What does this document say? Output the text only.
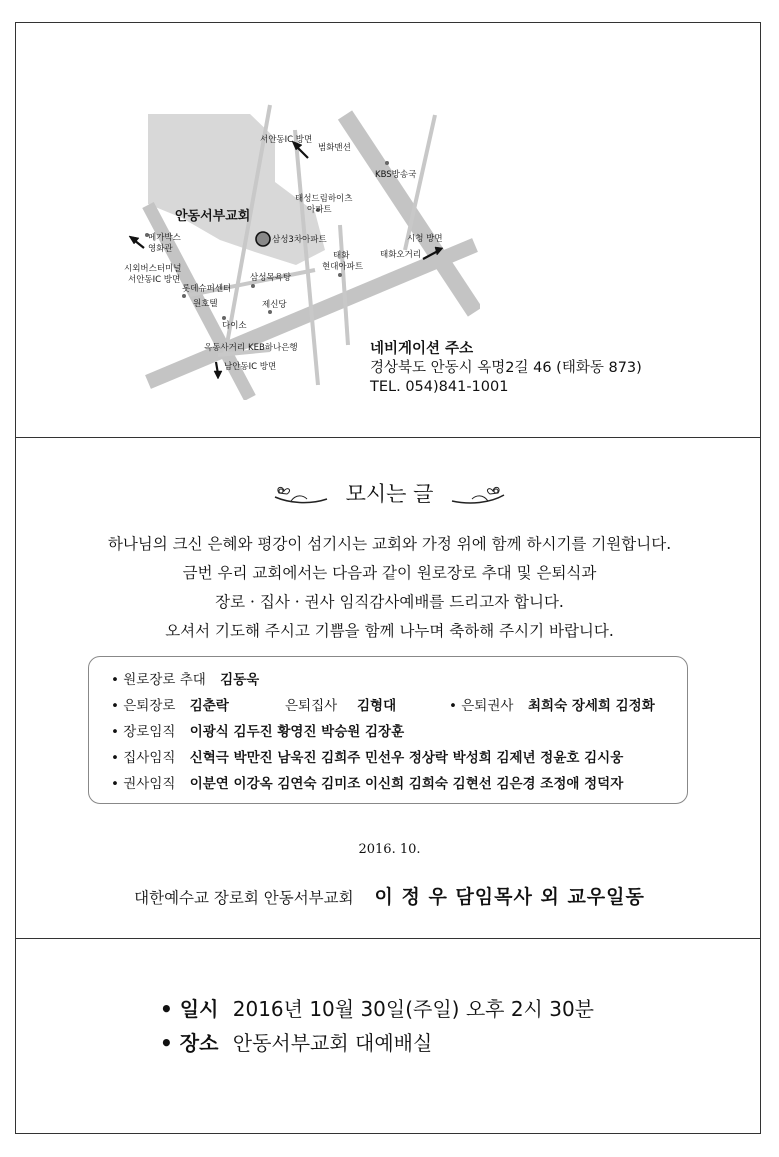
안동서부교회
서안동IC 방면
범화맨션
KBS방송국
태성드림하이츠
아파트
메가박스
영화관
삼성3차아파트	시청 방면
태화오거리
태화
현대아파트
시외버스터미널
서안동IC 방면	삼성목욕탕
롯데슈퍼센터
원호텔	제신당
다이소
옥동사거리 KEB하나은행
남안동IC 방면
네비게이션 주소
경상북도 안동시 옥명2길 46 (태화동 873)
TEL. 054)841-1001
모시는 글
하나님의 크신 은혜와 평강이 섬기시는 교회와 가정 위에 함께 하시기를 기원합니다.
금번 우리 교회에서는 다음과 같이 원로장로 추대 및 은퇴식과
장로 · 집사 · 권사 임직감사예배를 드리고자 합니다.
오셔서 기도해 주시고 기쁨을 함께 나누며 축하해 주시기 바랍니다.
• 원로장로 추대 김동욱
• 은퇴장로 김춘락	은퇴집사 김형대	• 은퇴권사 최희숙 장세희 김정화
• 장로임직 이광식 김두진 황영진 박승원 김장훈
• 집사임직 신혁극 박만진 남욱진 김희주 민선우 정상락 박성희 김제년 정윤호 김시웅
• 권사임직 이분연 이강옥 김연숙 김미조 이신희 김희숙 김현선 김은경 조정애 정덕자
2016. 10.
대한예수교 장로회 안동서부교회 이 정 우 담임목사 외 교우일동
• 일시 2016년 10월 30일(주일) 오후 2시 30분
• 장소 안동서부교회 대예배실
